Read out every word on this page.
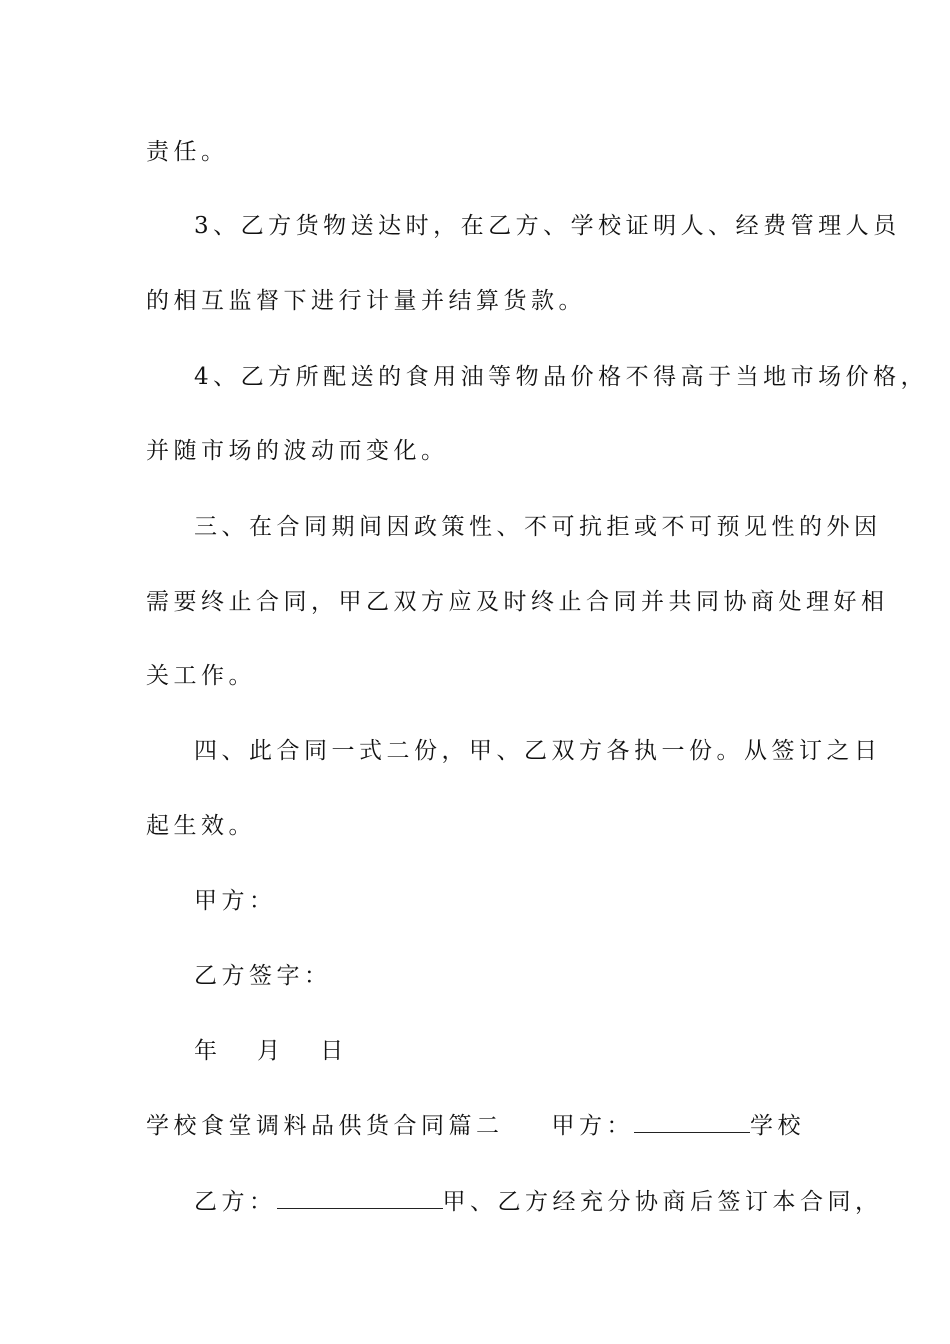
责任。
3、乙方货物送达时，在乙方、学校证明人、经费管理人员
的相互监督下进行计量并结算货款。
4、乙方所配送的食用油等物品价格不得高于当地市场价格，
并随市场的波动而变化。
三、在合同期间因政策性、不可抗拒或不可预见性的外因
需要终止合同，甲乙双方应及时终止合同并共同协商处理好相
关工作。
四、此合同一式二份，甲、乙双方各执一份。从签订之日
起生效。
甲方：
乙方签字：
年  月  日
学校食堂调料品供货合同篇二 甲方：	学校
乙方：	甲、乙方经充分协商后签订本合同，
